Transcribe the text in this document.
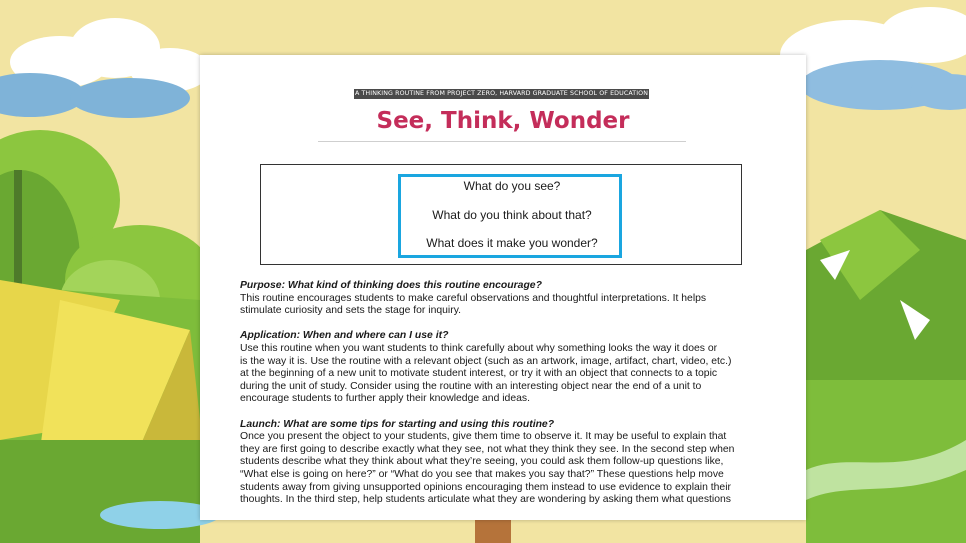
A THINKING ROUTINE FROM PROJECT ZERO, HARVARD GRADUATE SCHOOL OF EDUCATION
See, Think, Wonder
What do you see?
What do you think about that?
What does it make you wonder?

Purpose: What kind of thinking does this routine encourage?

This routine encourages students to make careful observations and thoughtful interpretations. It helps
stimulate curiosity and sets the stage for inquiry.

Application: When and where can I use it?

Use this routine when you want students to think carefully about why something looks the way it does or
is the way it is. Use the routine with a relevant object (such as an artwork, image, artifact, chart, video, etc.)
at the beginning of a new unit to motivate student interest, or try it with an object that connects to a topic
during the unit of study. Consider using the routine with an interesting object near the end of a unit to
encourage students to further apply their knowledge and ideas.

Launch: What are some tips for starting and using this routine?

Once you present the object to your students, give them time to observe it. It may be useful to explain that
they are first going to describe exactly what they see, not what they think they see. In the second step when
students describe what they think about what they’re seeing, you could ask them follow-up questions like,
“What else is going on here?” or “What do you see that makes you say that?” These questions help move
students away from giving unsupported opinions encouraging them instead to use evidence to explain their
thoughts. In the third step, help students articulate what they are wondering by asking them what questions
